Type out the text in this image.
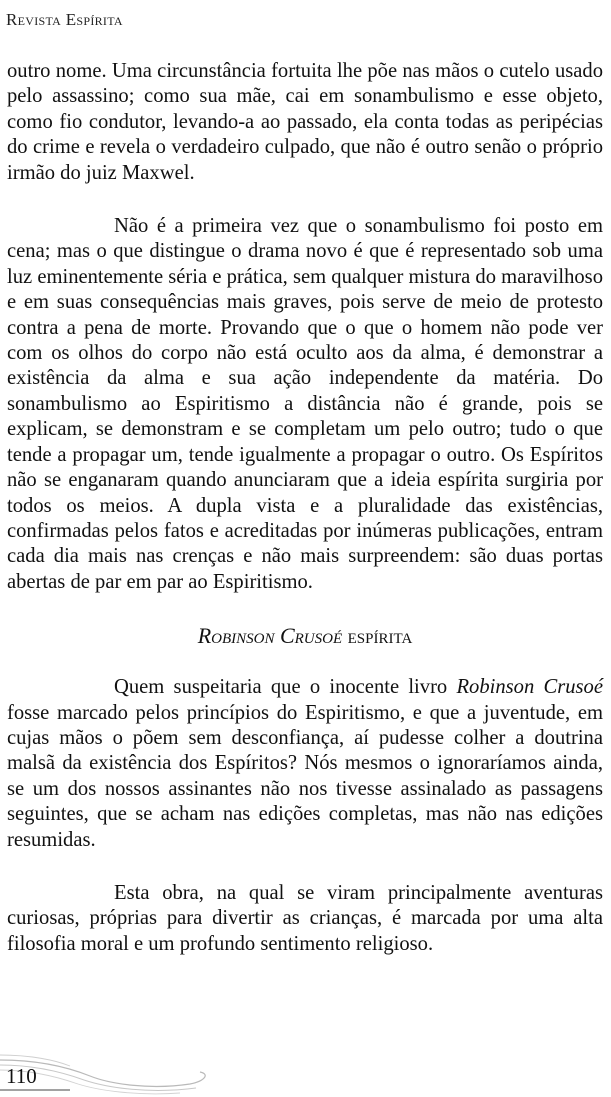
Revista Espírita

outro nome. Uma circunstância fortuita lhe põe nas mãos o cutelo usado pelo assassino; como sua mãe, cai em sonambulismo e esse objeto, como fio condutor, levando-a ao passado, ela conta todas as peripécias do crime e revela o verdadeiro culpado, que não é outro senão o próprio irmão do juiz Maxwel.

Não é a primeira vez que o sonambulismo foi posto em cena; mas o que distingue o drama novo é que é representado sob uma luz eminentemente séria e prática, sem qualquer mistura do maravilhoso e em suas consequências mais graves, pois serve de meio de protesto contra a pena de morte. Provando que o que o homem não pode ver com os olhos do corpo não está oculto aos da alma, é demonstrar a existência da alma e sua ação independente da matéria. Do sonambulismo ao Espiritismo a distância não é grande, pois se explicam, se demonstram e se completam um pelo outro; tudo o que tende a propagar um, tende igualmente a propagar o outro. Os Espíritos não se enganaram quando anunciaram que a ideia espírita surgiria por todos os meios. A dupla vista e a pluralidade das existências, confirmadas pelos fatos e acreditadas por inúmeras publicações, entram cada dia mais nas crenças e não mais surpreendem: são duas portas abertas de par em par ao Espiritismo.

Robinson Crusoé espírita

Quem suspeitaria que o inocente livro Robinson Crusoé fosse marcado pelos princípios do Espiritismo, e que a juventude, em cujas mãos o põem sem desconfiança, aí pudesse colher a doutrina malsã da existência dos Espíritos? Nós mesmos o ignoraríamos ainda, se um dos nossos assinantes não nos tivesse assinalado as passagens seguintes, que se acham nas edições completas, mas não nas edições resumidas.

Esta obra, na qual se viram principalmente aventuras curiosas, próprias para divertir as crianças, é marcada por uma alta filosofia moral e um profundo sentimento religioso.

110
